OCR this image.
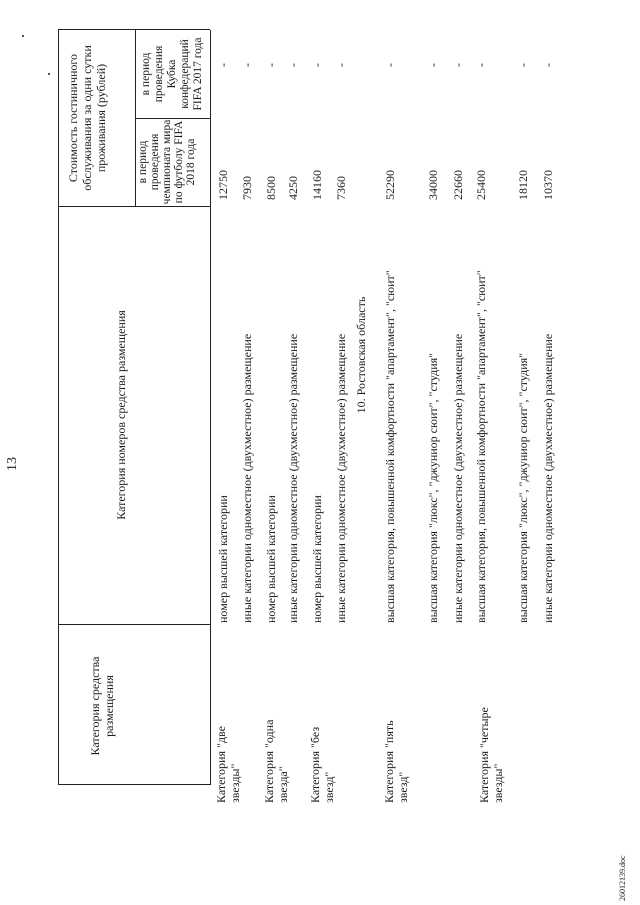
13
Категория средства размещения
Категория номеров средства размещения
Стоимость гостиничного обслуживания за одни сутки проживания (рублей)	в период проведения чемпионата мира по футболу FIFA 2018 года
в период проведения Кубка конфедераций FIFA 2017 года
10. Ростовская область
Категория "две звезды"
номер высшей категории
12750
-
иные категории одноместное (двухместное) размещение
7930
-
Категория "одна звезда"
номер высшей категории
8500
-
иные категории одноместное (двухместное) размещение
4250
-
Категория "без звезд"
номер высшей категории
14160
-
иные категории одноместное (двухместное) размещение
7360
-
Категория "пять звезд"
высшая категория, повышенной комфортности "апартамент", "сюит"
52290
-
высшая категория "люкс", "джуниор сюит", "студия"
34000
-
иные категории одноместное (двухместное) размещение
22660
-
Категория "четыре звезды"
высшая категория, повышенной комфортности "апартамент", "сюит"
25400
-
высшая категория "люкс", "джуниор сюит", "студия"
18120
-
иные категории одноместное (двухместное) размещение
10370
-
26012139.doc
